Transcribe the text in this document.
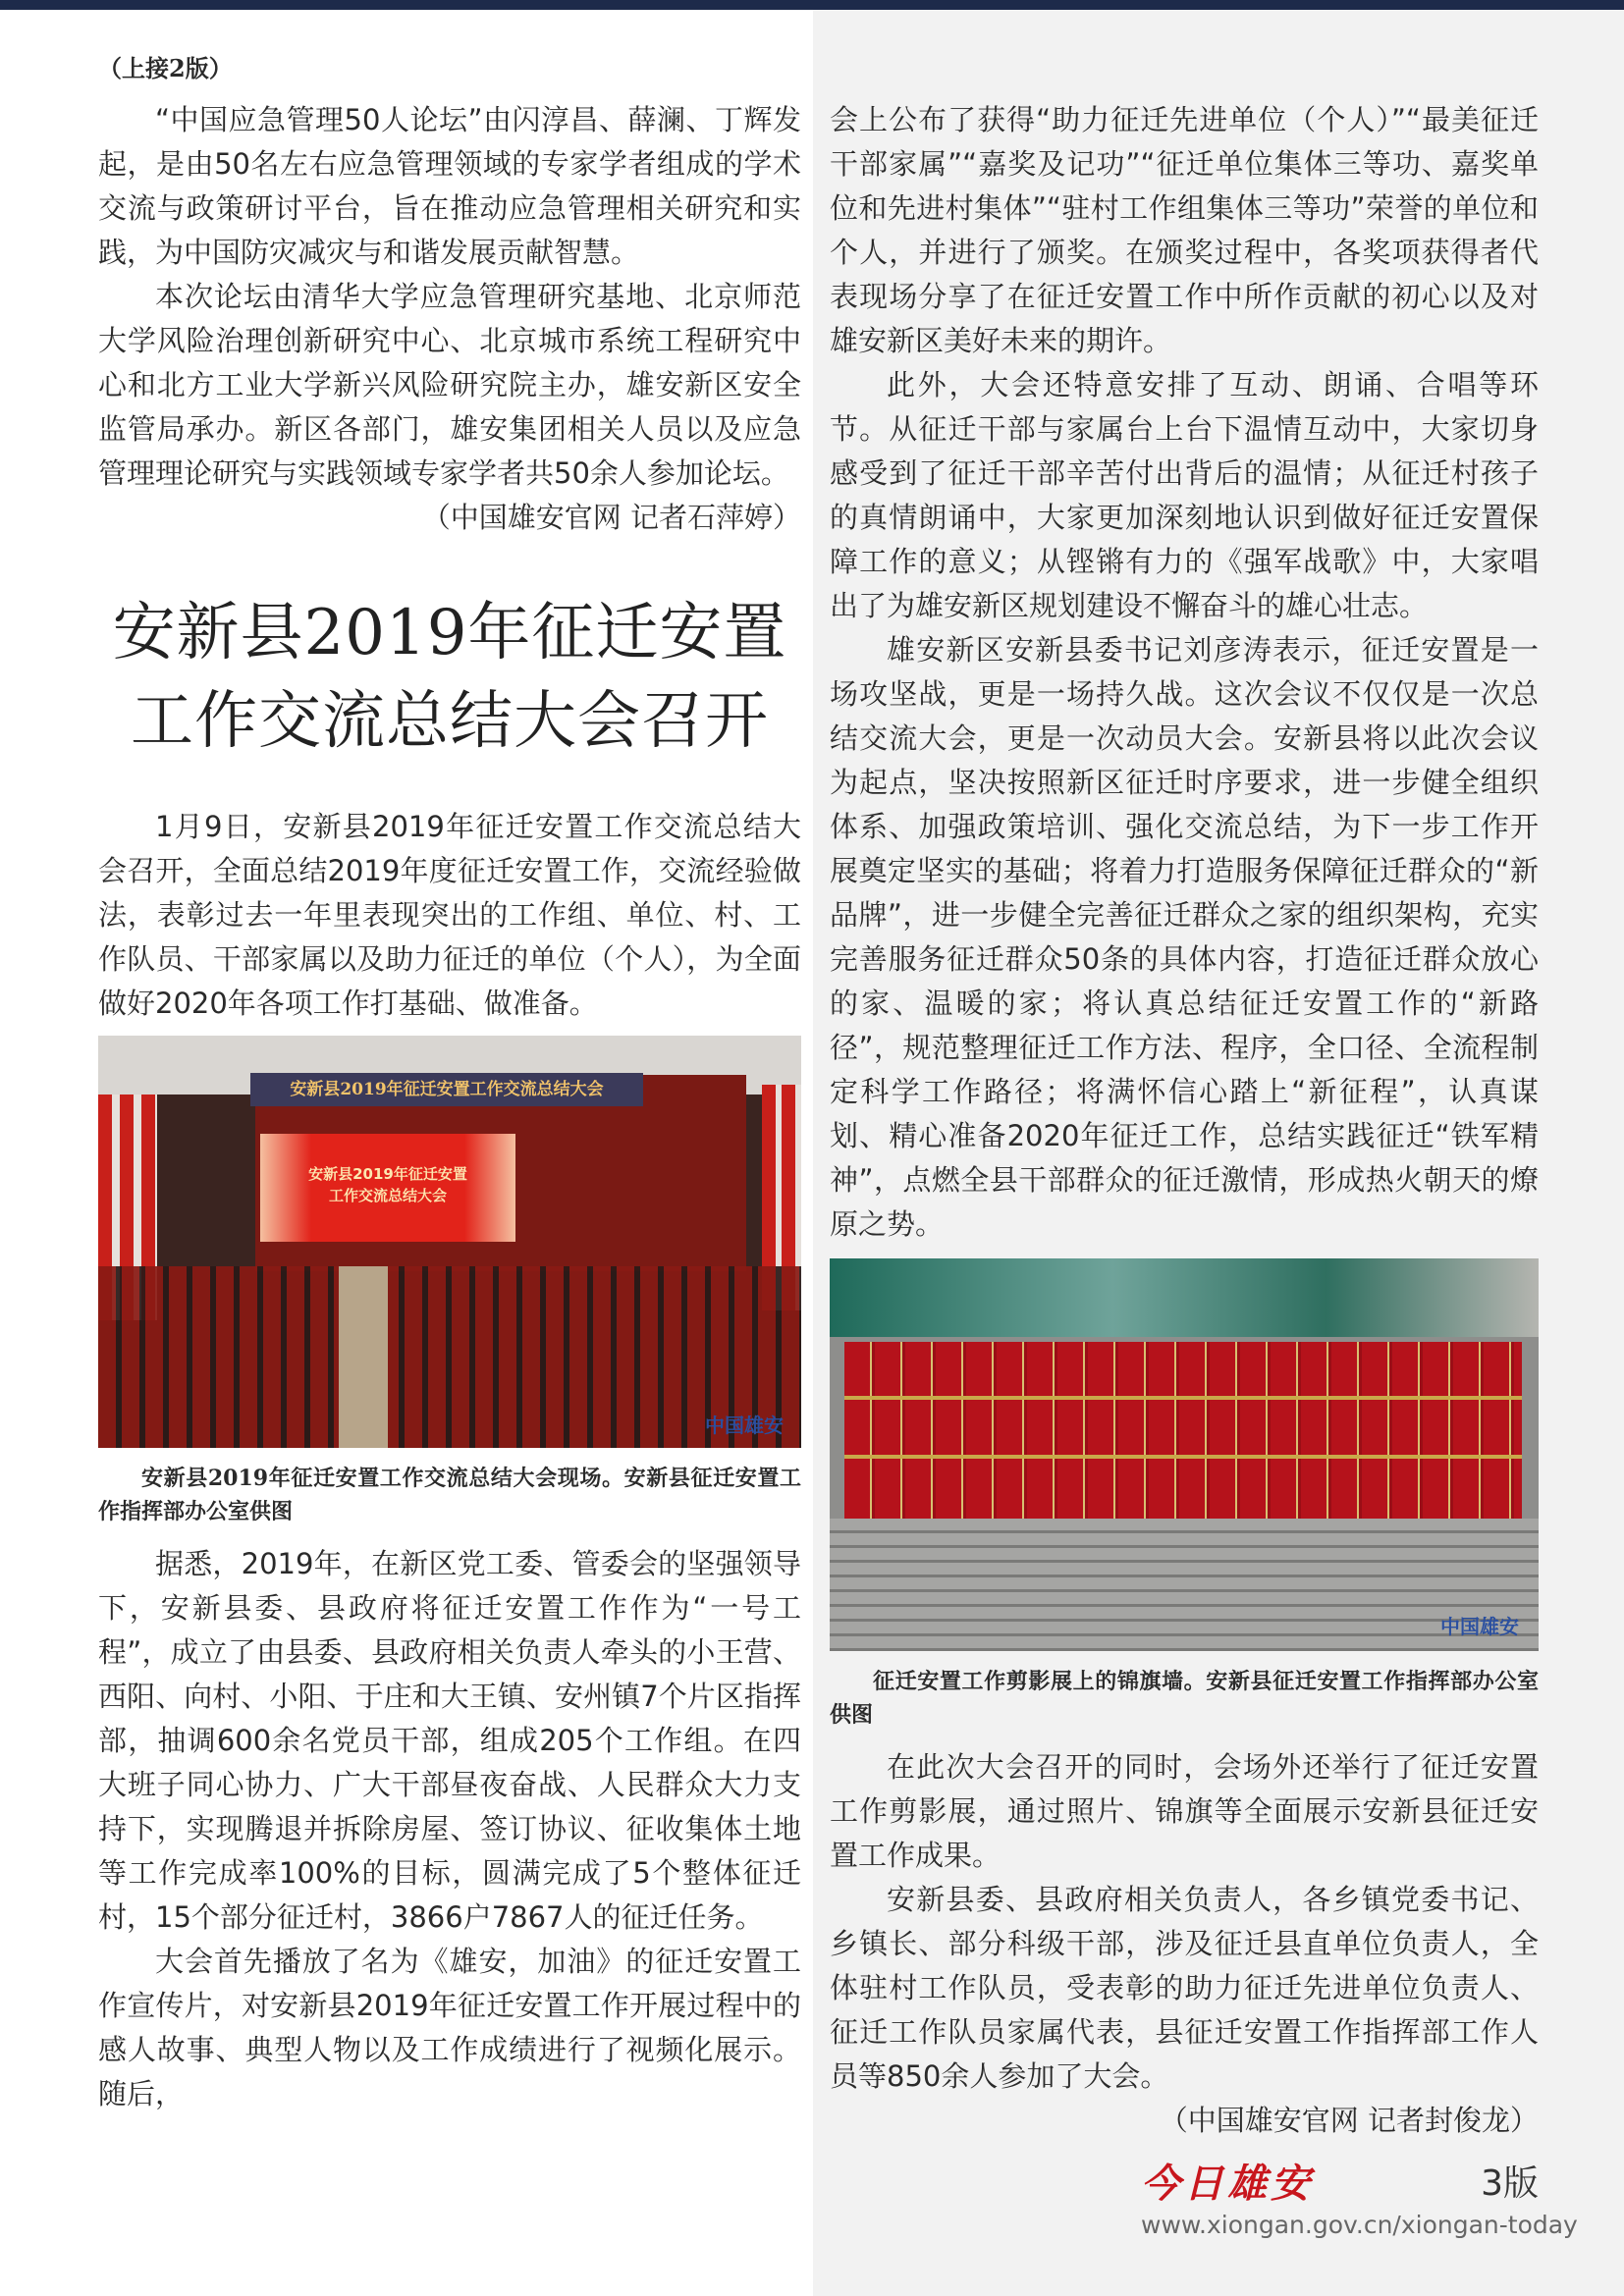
（上接2版）

“中国应急管理50人论坛”由闪淳昌、薛澜、丁辉发起，是由50名左右应急管理领域的专家学者组成的学术交流与政策研讨平台，旨在推动应急管理相关研究和实践，为中国防灾减灾与和谐发展贡献智慧。

本次论坛由清华大学应急管理研究基地、北京师范大学风险治理创新研究中心、北京城市系统工程研究中心和北方工业大学新兴风险研究院主办，雄安新区安全监管局承办。新区各部门，雄安集团相关人员以及应急管理理论研究与实践领域专家学者共50余人参加论坛。

（中国雄安官网 记者石萍婷）

安新县2019年征迁安置
工作交流总结大会召开

1月9日，安新县2019年征迁安置工作交流总结大会召开，全面总结2019年度征迁安置工作，交流经验做法，表彰过去一年里表现突出的工作组、单位、村、工作队员、干部家属以及助力征迁的单位（个人），为全面做好2020年各项工作打基础、做准备。

安新县2019年征迁安置工作交流总结大会
安新县2019年征迁安置
工作交流总结大会
中国雄安

安新县2019年征迁安置工作交流总结大会现场。安新县征迁安置工作指挥部办公室供图

据悉，2019年，在新区党工委、管委会的坚强领导下，安新县委、县政府将征迁安置工作作为“一号工程”，成立了由县委、县政府相关负责人牵头的小王营、西阳、向村、小阳、于庄和大王镇、安州镇7个片区指挥部，抽调600余名党员干部，组成205个工作组。在四大班子同心协力、广大干部昼夜奋战、人民群众大力支持下，实现腾退并拆除房屋、签订协议、征收集体土地等工作完成率100%的目标，圆满完成了5个整体征迁村，15个部分征迁村，3866户7867人的征迁任务。

大会首先播放了名为《雄安，加油》的征迁安置工作宣传片，对安新县2019年征迁安置工作开展过程中的感人故事、典型人物以及工作成绩进行了视频化展示。随后，

会上公布了获得“助力征迁先进单位（个人）”“最美征迁干部家属”“嘉奖及记功”“征迁单位集体三等功、嘉奖单位和先进村集体”“驻村工作组集体三等功”荣誉的单位和个人，并进行了颁奖。在颁奖过程中，各奖项获得者代表现场分享了在征迁安置工作中所作贡献的初心以及对雄安新区美好未来的期许。

此外，大会还特意安排了互动、朗诵、合唱等环节。从征迁干部与家属台上台下温情互动中，大家切身感受到了征迁干部辛苦付出背后的温情；从征迁村孩子的真情朗诵中，大家更加深刻地认识到做好征迁安置保障工作的意义；从铿锵有力的《强军战歌》中，大家唱出了为雄安新区规划建设不懈奋斗的雄心壮志。

雄安新区安新县委书记刘彦涛表示，征迁安置是一场攻坚战，更是一场持久战。这次会议不仅仅是一次总结交流大会，更是一次动员大会。安新县将以此次会议为起点，坚决按照新区征迁时序要求，进一步健全组织体系、加强政策培训、强化交流总结，为下一步工作开展奠定坚实的基础；将着力打造服务保障征迁群众的“新品牌”，进一步健全完善征迁群众之家的组织架构，充实完善服务征迁群众50条的具体内容，打造征迁群众放心的家、温暖的家；将认真总结征迁安置工作的“新路径”，规范整理征迁工作方法、程序，全口径、全流程制定科学工作路径；将满怀信心踏上“新征程”，认真谋划、精心准备2020年征迁工作，总结实践征迁“铁军精神”，点燃全县干部群众的征迁激情，形成热火朝天的燎原之势。

中国雄安

征迁安置工作剪影展上的锦旗墙。安新县征迁安置工作指挥部办公室供图

在此次大会召开的同时，会场外还举行了征迁安置工作剪影展，通过照片、锦旗等全面展示安新县征迁安置工作成果。

安新县委、县政府相关负责人，各乡镇党委书记、乡镇长、部分科级干部，涉及征迁县直单位负责人，全体驻村工作队员，受表彰的助力征迁先进单位负责人、征迁工作队员家属代表，县征迁安置工作指挥部工作人员等850余人参加了大会。

（中国雄安官网 记者封俊龙）

今日雄安	3版
www.xiongan.gov.cn/xiongan-today
